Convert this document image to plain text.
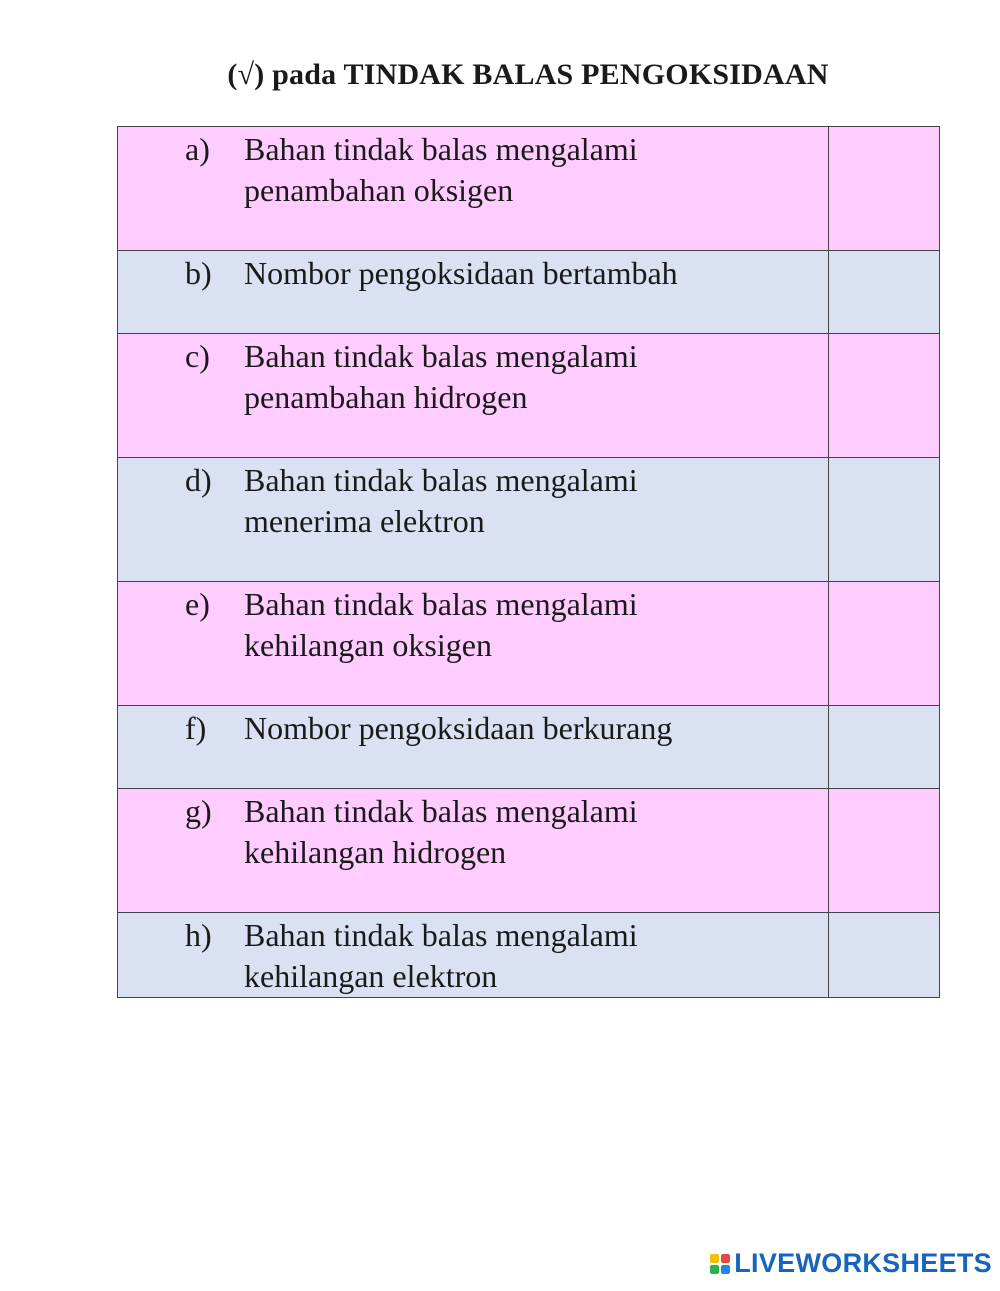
(√) pada TINDAK BALAS PENGOKSIDAAN
a) Bahan tindak balas mengalami
penambahan oksigen	

b) Nombor pengoksidaan bertambah	

c) Bahan tindak balas mengalami
penambahan hidrogen	

d) Bahan tindak balas mengalami
menerima elektron	

e) Bahan tindak balas mengalami
kehilangan oksigen	

f) Nombor pengoksidaan berkurang	

g) Bahan tindak balas mengalami
kehilangan hidrogen	

h) Bahan tindak balas mengalami
kehilangan elektron	

LIVEWORKSHEETS
